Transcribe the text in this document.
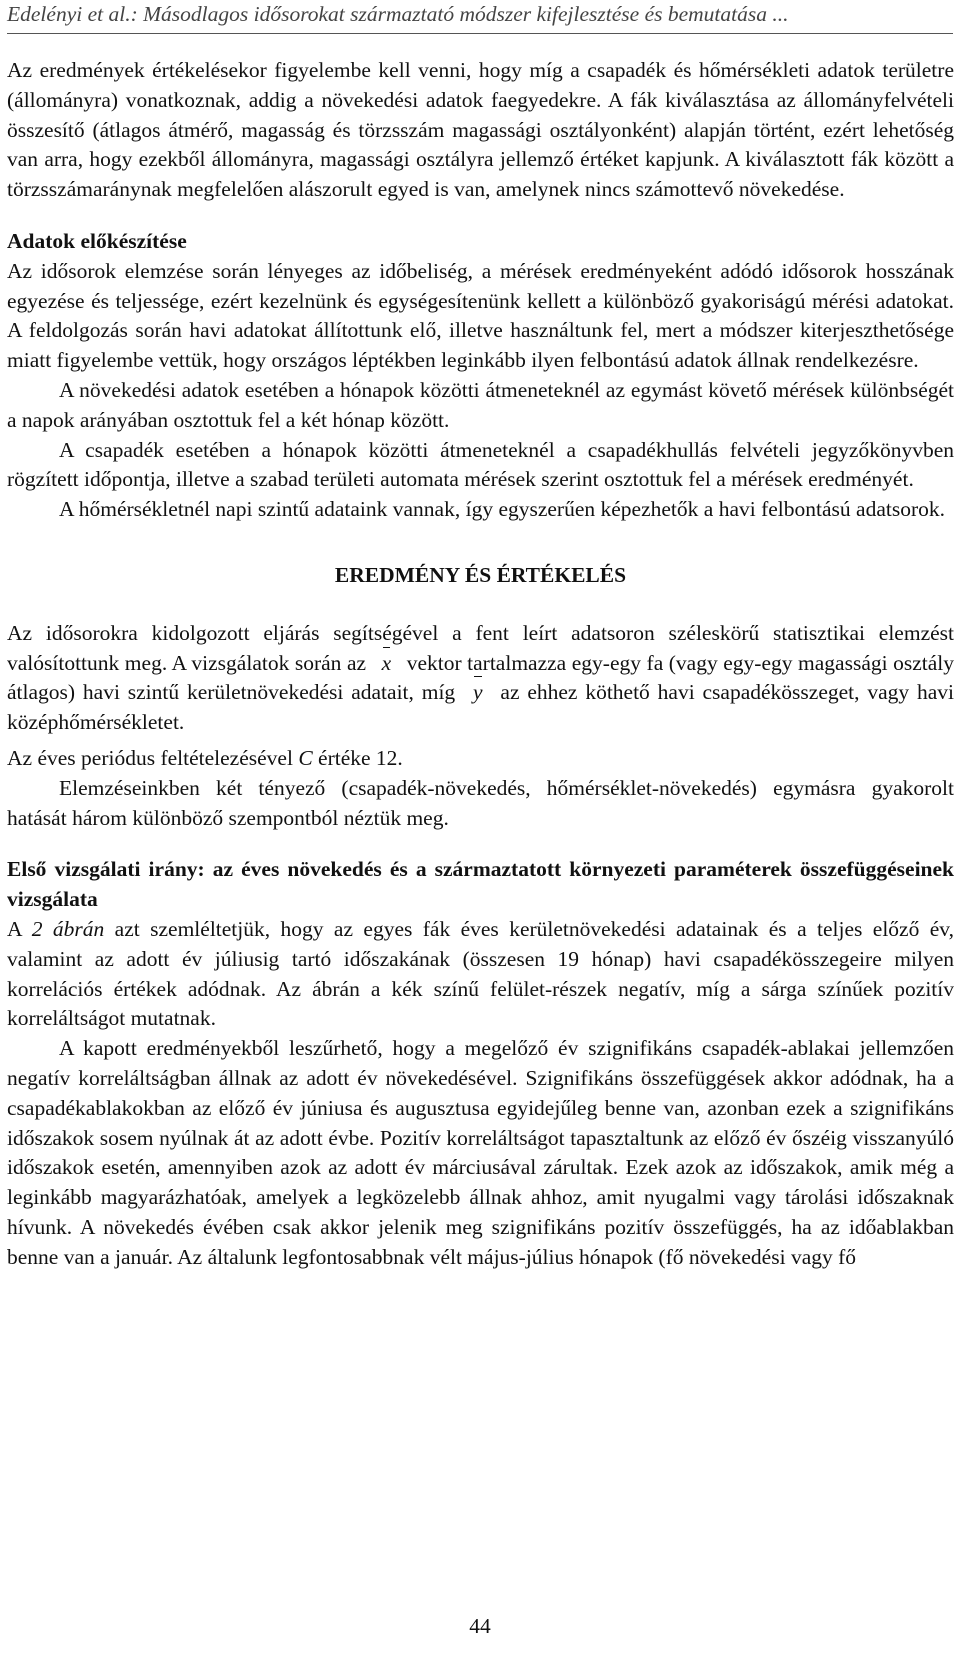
Edelényi et al.: Másodlagos idősorokat származtató módszer kifejlesztése és bemutatása ...

Az eredmények értékelésekor figyelembe kell venni, hogy míg a csapadék és hőmérsékleti adatok területre (állományra) vonatkoznak, addig a növekedési adatok faegyedekre. A fák kiválasztása az állományfelvételi összesítő (átlagos átmérő, magasság és törzsszám magassági osztályonként) alapján történt, ezért lehetőség van arra, hogy ezekből állományra, magassági osztályra jellemző értéket kapjunk. A kiválasztott fák között a törzsszámaránynak megfelelően alászorult egyed is van, amelynek nincs számottevő növekedése.

Adatok előkészítése

Az idősorok elemzése során lényeges az időbeliség, a mérések eredményeként adódó idősorok hosszának egyezése és teljessége, ezért kezelnünk és egységesítenünk kellett a különböző gyakoriságú mérési adatokat. A feldolgozás során havi adatokat állítottunk elő, illetve használtunk fel, mert a módszer kiterjeszthetősége miatt figyelembe vettük, hogy országos léptékben leginkább ilyen felbontású adatok állnak rendelkezésre.

A növekedési adatok esetében a hónapok közötti átmeneteknél az egymást követő mérések különbségét a napok arányában osztottuk fel a két hónap között.

A csapadék esetében a hónapok közötti átmeneteknél a csapadékhullás felvételi jegyzőkönyvben rögzített időpontja, illetve a szabad területi automata mérések szerint osztottuk fel a mérések eredményét.

A hőmérsékletnél napi szintű adataink vannak, így egyszerűen képezhetők a havi felbontású adatsorok.

EREDMÉNY ÉS ÉRTÉKELÉS

Az idősorokra kidolgozott eljárás segítségével a fent leírt adatsoron széleskörű statisztikai elemzést valósítottunk meg. A vizsgálatok során az x vektor tartalmazza egy-egy fa (vagy egy-egy magassági osztály átlagos) havi szintű kerületnövekedési adatait, míg y az ehhez köthető havi csapadékösszeget, vagy havi középhőmérsékletet.

Az éves periódus feltételezésével C értéke 12.

Elemzéseinkben két tényező (csapadék-növekedés, hőmérséklet-növekedés) egymásra gyakorolt hatását három különböző szempontból néztük meg.

Első vizsgálati irány: az éves növekedés és a származtatott környezeti paraméterek összefüggéseinek vizsgálata

A 2 ábrán azt szemléltetjük, hogy az egyes fák éves kerületnövekedési adatainak és a teljes előző év, valamint az adott év júliusig tartó időszakának (összesen 19 hónap) havi csapadékösszegeire milyen korrelációs értékek adódnak. Az ábrán a kék színű felület-részek negatív, míg a sárga színűek pozitív korreláltságot mutatnak.

A kapott eredményekből leszűrhető, hogy a megelőző év szignifikáns csapadék-ablakai jellemzően negatív korreláltságban állnak az adott év növekedésével. Szignifikáns összefüggések akkor adódnak, ha a csapadékablakokban az előző év júniusa és augusztusa egyidejűleg benne van, azonban ezek a szignifikáns időszakok sosem nyúlnak át az adott évbe. Pozitív korreláltságot tapasztaltunk az előző év őszéig visszanyúló időszakok esetén, amennyiben azok az adott év márciusával zárultak. Ezek azok az időszakok, amik még a leginkább magyarázhatóak, amelyek a legközelebb állnak ahhoz, amit nyugalmi vagy tárolási időszaknak hívunk. A növekedés évében csak akkor jelenik meg szignifikáns pozitív összefüggés, ha az időablakban benne van a január. Az általunk legfontosabbnak vélt május-július hónapok (fő növekedési vagy fő

44
